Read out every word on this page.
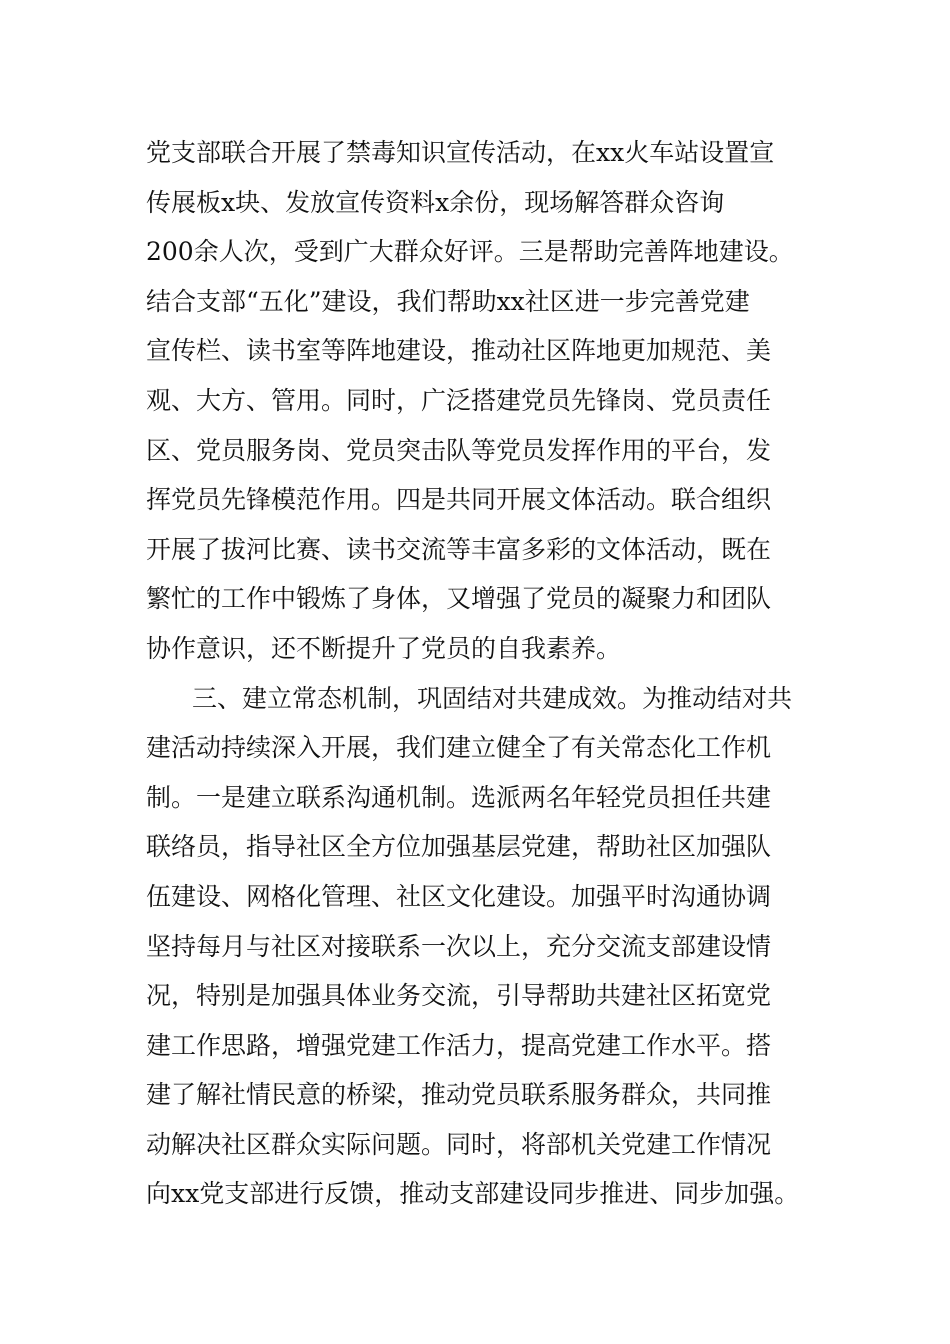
党支部联合开展了禁毒知识宣传活动，在xx火车站设置宣
传展板x块、发放宣传资料x余份，现场解答群众咨询
200余人次，受到广大群众好评。三是帮助完善阵地建设。
结合支部“五化”建设，我们帮助xx社区进一步完善党建
宣传栏、读书室等阵地建设，推动社区阵地更加规范、美
观、大方、管用。同时，广泛搭建党员先锋岗、党员责任
区、党员服务岗、党员突击队等党员发挥作用的平台，发
挥党员先锋模范作用。四是共同开展文体活动。联合组织
开展了拔河比赛、读书交流等丰富多彩的文体活动，既在
繁忙的工作中锻炼了身体，又增强了党员的凝聚力和团队
协作意识，还不断提升了党员的自我素养。
三、建立常态机制，巩固结对共建成效。为推动结对共
建活动持续深入开展，我们建立健全了有关常态化工作机
制。一是建立联系沟通机制。选派两名年轻党员担任共建
联络员，指导社区全方位加强基层党建，帮助社区加强队
伍建设、网格化管理、社区文化建设。加强平时沟通协调
坚持每月与社区对接联系一次以上，充分交流支部建设情
况，特别是加强具体业务交流，引导帮助共建社区拓宽党
建工作思路，增强党建工作活力，提高党建工作水平。搭
建了解社情民意的桥梁，推动党员联系服务群众，共同推
动解决社区群众实际问题。同时，将部机关党建工作情况
向xx党支部进行反馈，推动支部建设同步推进、同步加强。
